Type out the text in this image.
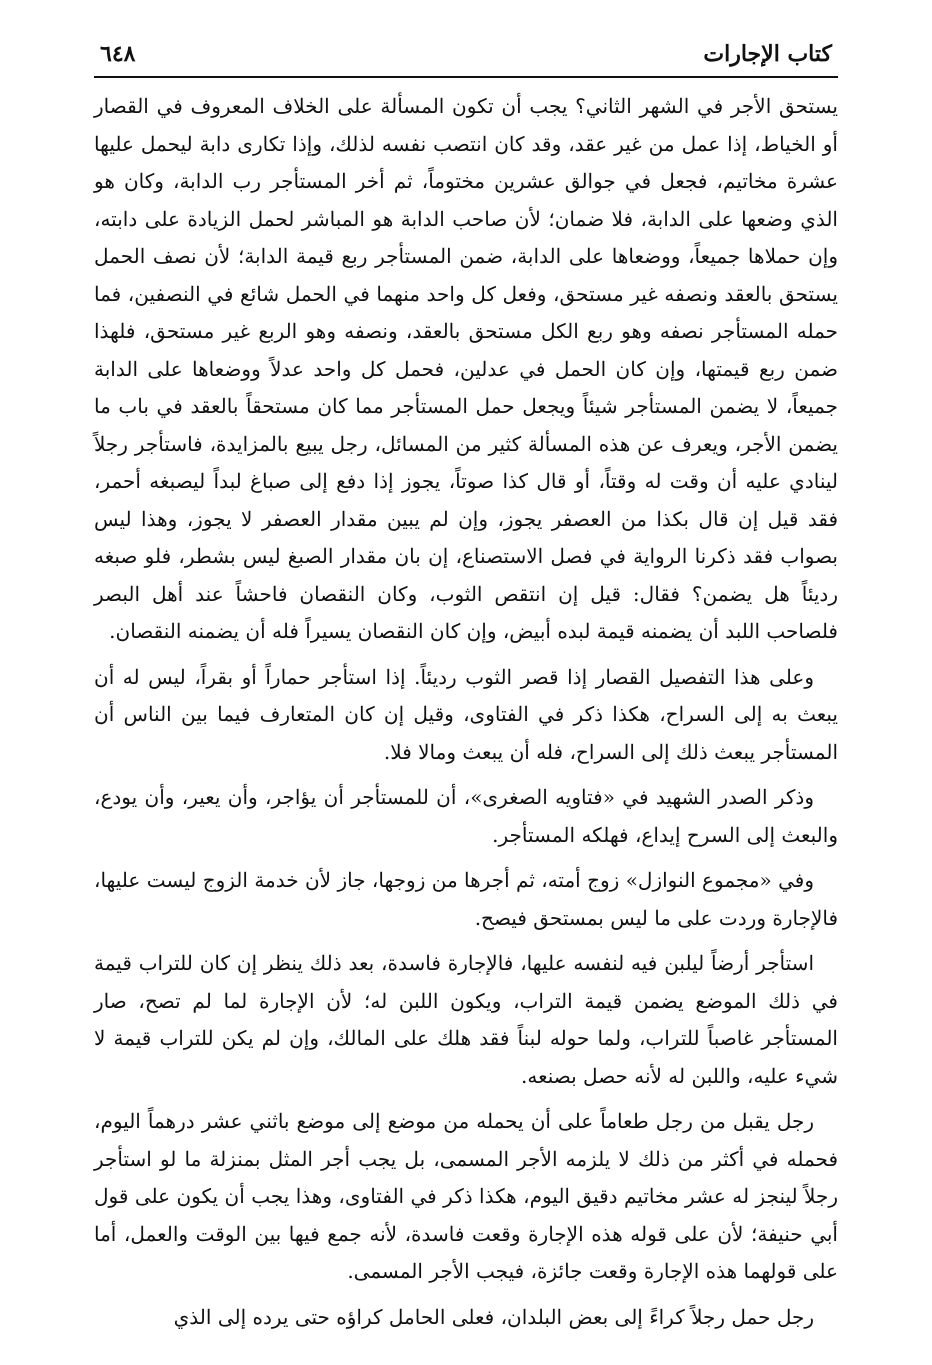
كتاب الإجارات
٦٤٨

يستحق الأجر في الشهر الثاني؟ يجب أن تكون المسألة على الخلاف المعروف في القصار أو الخياط، إذا عمل من غير عقد، وقد كان انتصب نفسه لذلك، وإذا تكارى دابة ليحمل عليها عشرة مخاتيم، فجعل في جوالق عشرين مختوماً، ثم أخر المستأجر رب الدابة، وكان هو الذي وضعها على الدابة، فلا ضمان؛ لأن صاحب الدابة هو المباشر لحمل الزيادة على دابته، وإن حملاها جميعاً، ووضعاها على الدابة، ضمن المستأجر ربع قيمة الدابة؛ لأن نصف الحمل يستحق بالعقد ونصفه غير مستحق، وفعل كل واحد منهما في الحمل شائع في النصفين، فما حمله المستأجر نصفه وهو ربع الكل مستحق بالعقد، ونصفه وهو الربع غير مستحق، فلهذا ضمن ربع قيمتها، وإن كان الحمل في عدلين، فحمل كل واحد عدلاً ووضعاها على الدابة جميعاً، لا يضمن المستأجر شيئاً ويجعل حمل المستأجر مما كان مستحقاً بالعقد في باب ما يضمن الأجر، ويعرف عن هذه المسألة كثير من المسائل، رجل يبيع بالمزايدة، فاستأجر رجلاً لينادي عليه أن وقت له وقتاً، أو قال كذا صوتاً، يجوز إذا دفع إلى صباغ لبداً ليصبغه أحمر، فقد قيل إن قال بكذا من العصفر يجوز، وإن لم يبين مقدار العصفر لا يجوز، وهذا ليس بصواب فقد ذكرنا الرواية في فصل الاستصناع، إن بان مقدار الصبغ ليس بشطر، فلو صبغه رديئاً هل يضمن؟ فقال: قيل إن انتقص الثوب، وكان النقصان فاحشاً عند أهل البصر فلصاحب اللبد أن يضمنه قيمة لبده أبيض، وإن كان النقصان يسيراً فله أن يضمنه النقصان.

وعلى هذا التفصيل القصار إذا قصر الثوب رديئاً. إذا استأجر حماراً أو بقراً، ليس له أن يبعث به إلى السراح، هكذا ذكر في الفتاوى، وقيل إن كان المتعارف فيما بين الناس أن المستأجر يبعث ذلك إلى السراح، فله أن يبعث ومالا فلا.

وذكر الصدر الشهيد في «فتاويه الصغرى»، أن للمستأجر أن يؤاجر، وأن يعير، وأن يودع، والبعث إلى السرح إيداع، فهلكه المستأجر.

وفي «مجموع النوازل» زوج أمته، ثم أجرها من زوجها، جاز لأن خدمة الزوج ليست عليها، فالإجارة وردت على ما ليس بمستحق فيصح.

استأجر أرضاً ليلبن فيه لنفسه عليها، فالإجارة فاسدة، بعد ذلك ينظر إن كان للتراب قيمة في ذلك الموضع يضمن قيمة التراب، ويكون اللبن له؛ لأن الإجارة لما لم تصح، صار المستأجر غاصباً للتراب، ولما حوله لبناً فقد هلك على المالك، وإن لم يكن للتراب قيمة لا شيء عليه، واللبن له لأنه حصل بصنعه.

رجل يقبل من رجل طعاماً على أن يحمله من موضع إلى موضع باثني عشر درهماً اليوم، فحمله في أكثر من ذلك لا يلزمه الأجر المسمى، بل يجب أجر المثل بمنزلة ما لو استأجر رجلاً لينجز له عشر مخاتيم دقيق اليوم، هكذا ذكر في الفتاوى، وهذا يجب أن يكون على قول أبي حنيفة؛ لأن على قوله هذه الإجارة وقعت فاسدة، لأنه جمع فيها بين الوقت والعمل، أما على قولهما هذه الإجارة وقعت جائزة، فيجب الأجر المسمى.

رجل حمل رجلاً كراءً إلى بعض البلدان، فعلى الحامل كراؤه حتى يرده إلى الذي
